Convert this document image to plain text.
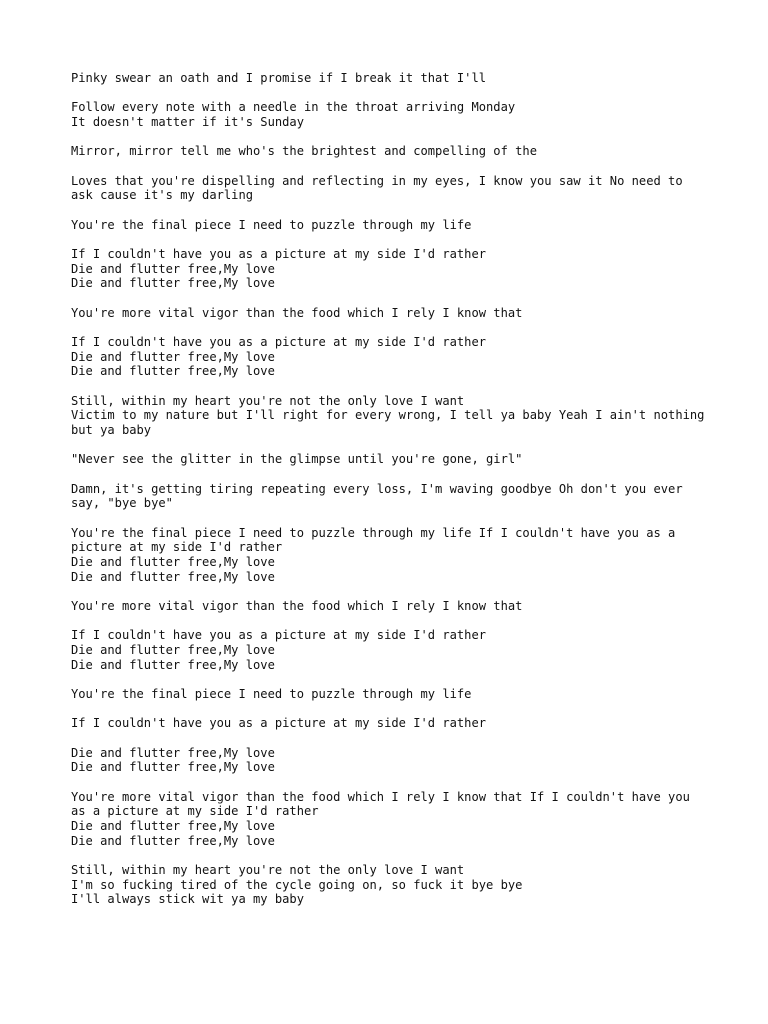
Pinky swear an oath and I promise if I break it that I'll
Follow every note with a needle in the throat arriving Monday
It doesn't matter if it's Sunday
Mirror, mirror tell me who's the brightest and compelling of the
Loves that you're dispelling and reflecting in my eyes, I know you saw it No need to ask cause it's my darling
You're the final piece I need to puzzle through my life
If I couldn't have you as a picture at my side I'd rather
Die and flutter free,My love
Die and flutter free,My love
You're more vital vigor than the food which I rely I know that
If I couldn't have you as a picture at my side I'd rather
Die and flutter free,My love
Die and flutter free,My love
Still, within my heart you're not the only love I want
Victim to my nature but I'll right for every wrong, I tell ya baby Yeah I ain't nothing but ya baby
"Never see the glitter in the glimpse until you're gone, girl"
Damn, it's getting tiring repeating every loss, I'm waving goodbye Oh don't you ever say, "bye bye"
You're the final piece I need to puzzle through my life If I couldn't have you as a picture at my side I'd rather
Die and flutter free,My love
Die and flutter free,My love
You're more vital vigor than the food which I rely I know that
If I couldn't have you as a picture at my side I'd rather
Die and flutter free,My love
Die and flutter free,My love
You're the final piece I need to puzzle through my life
If I couldn't have you as a picture at my side I'd rather
Die and flutter free,My love
Die and flutter free,My love
You're more vital vigor than the food which I rely I know that If I couldn't have you as a picture at my side I'd rather
Die and flutter free,My love
Die and flutter free,My love
Still, within my heart you're not the only love I want
I'm so fucking tired of the cycle going on, so fuck it bye bye
I'll always stick wit ya my baby
